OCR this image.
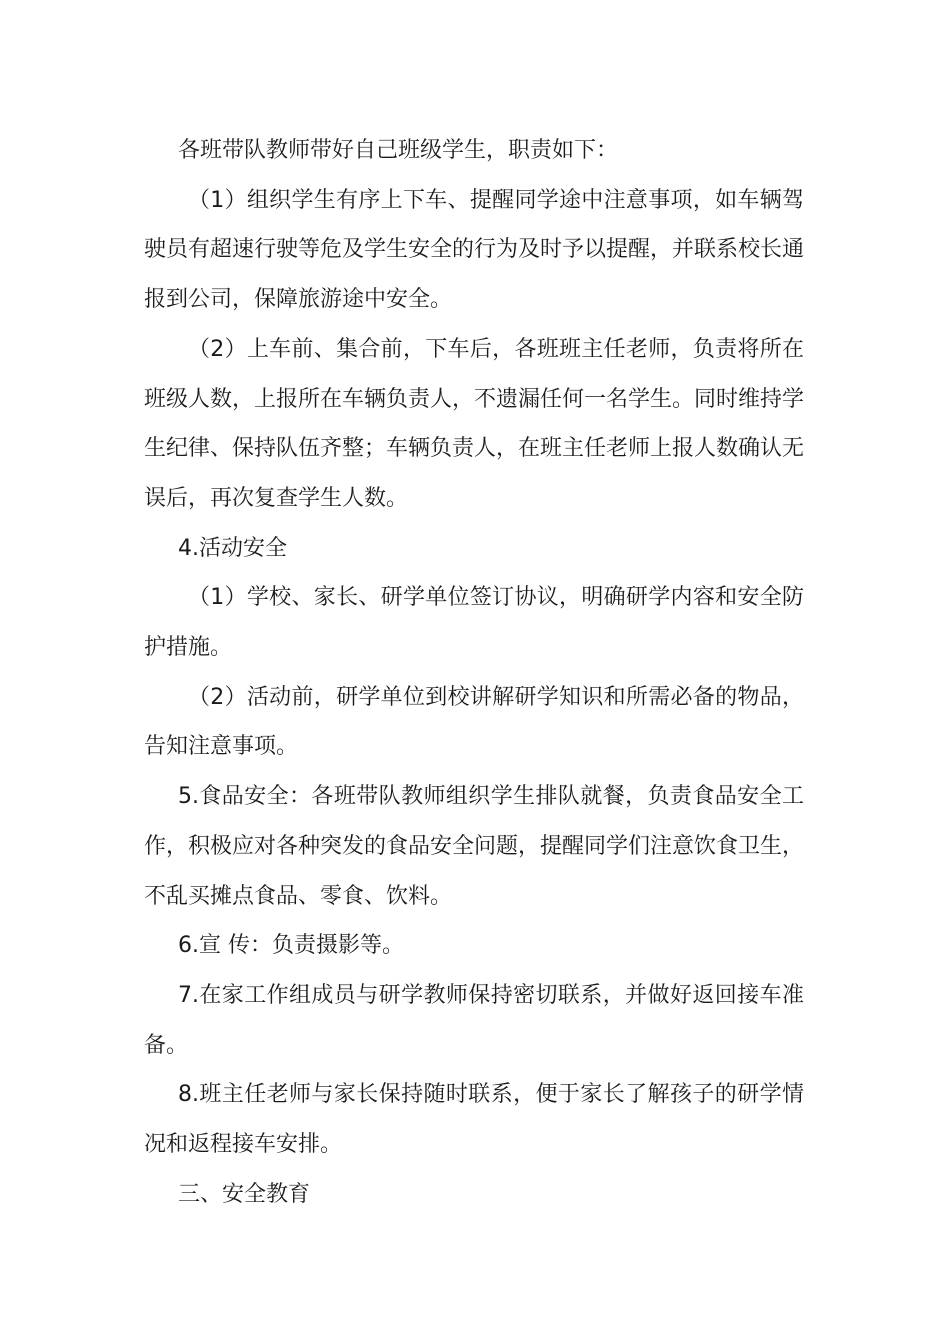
各班带队教师带好自己班级学生，职责如下：

（1）组织学生有序上下车、提醒同学途中注意事项，如车辆驾驶员有超速行驶等危及学生安全的行为及时予以提醒，并联系校长通报到公司，保障旅游途中安全。

（2）上车前、集合前，下车后，各班班主任老师，负责将所在班级人数，上报所在车辆负责人，不遗漏任何一名学生。同时维持学生纪律、保持队伍齐整；车辆负责人，在班主任老师上报人数确认无误后，再次复查学生人数。

4.活动安全

（1）学校、家长、研学单位签订协议，明确研学内容和安全防护措施。

（2）活动前，研学单位到校讲解研学知识和所需必备的物品，告知注意事项。

5.食品安全：各班带队教师组织学生排队就餐，负责食品安全工作，积极应对各种突发的食品安全问题，提醒同学们注意饮食卫生，不乱买摊点食品、零食、饮料。

6.宣 传：负责摄影等。

7.在家工作组成员与研学教师保持密切联系，并做好返回接车准备。

8.班主任老师与家长保持随时联系，便于家长了解孩子的研学情况和返程接车安排。

三、安全教育
